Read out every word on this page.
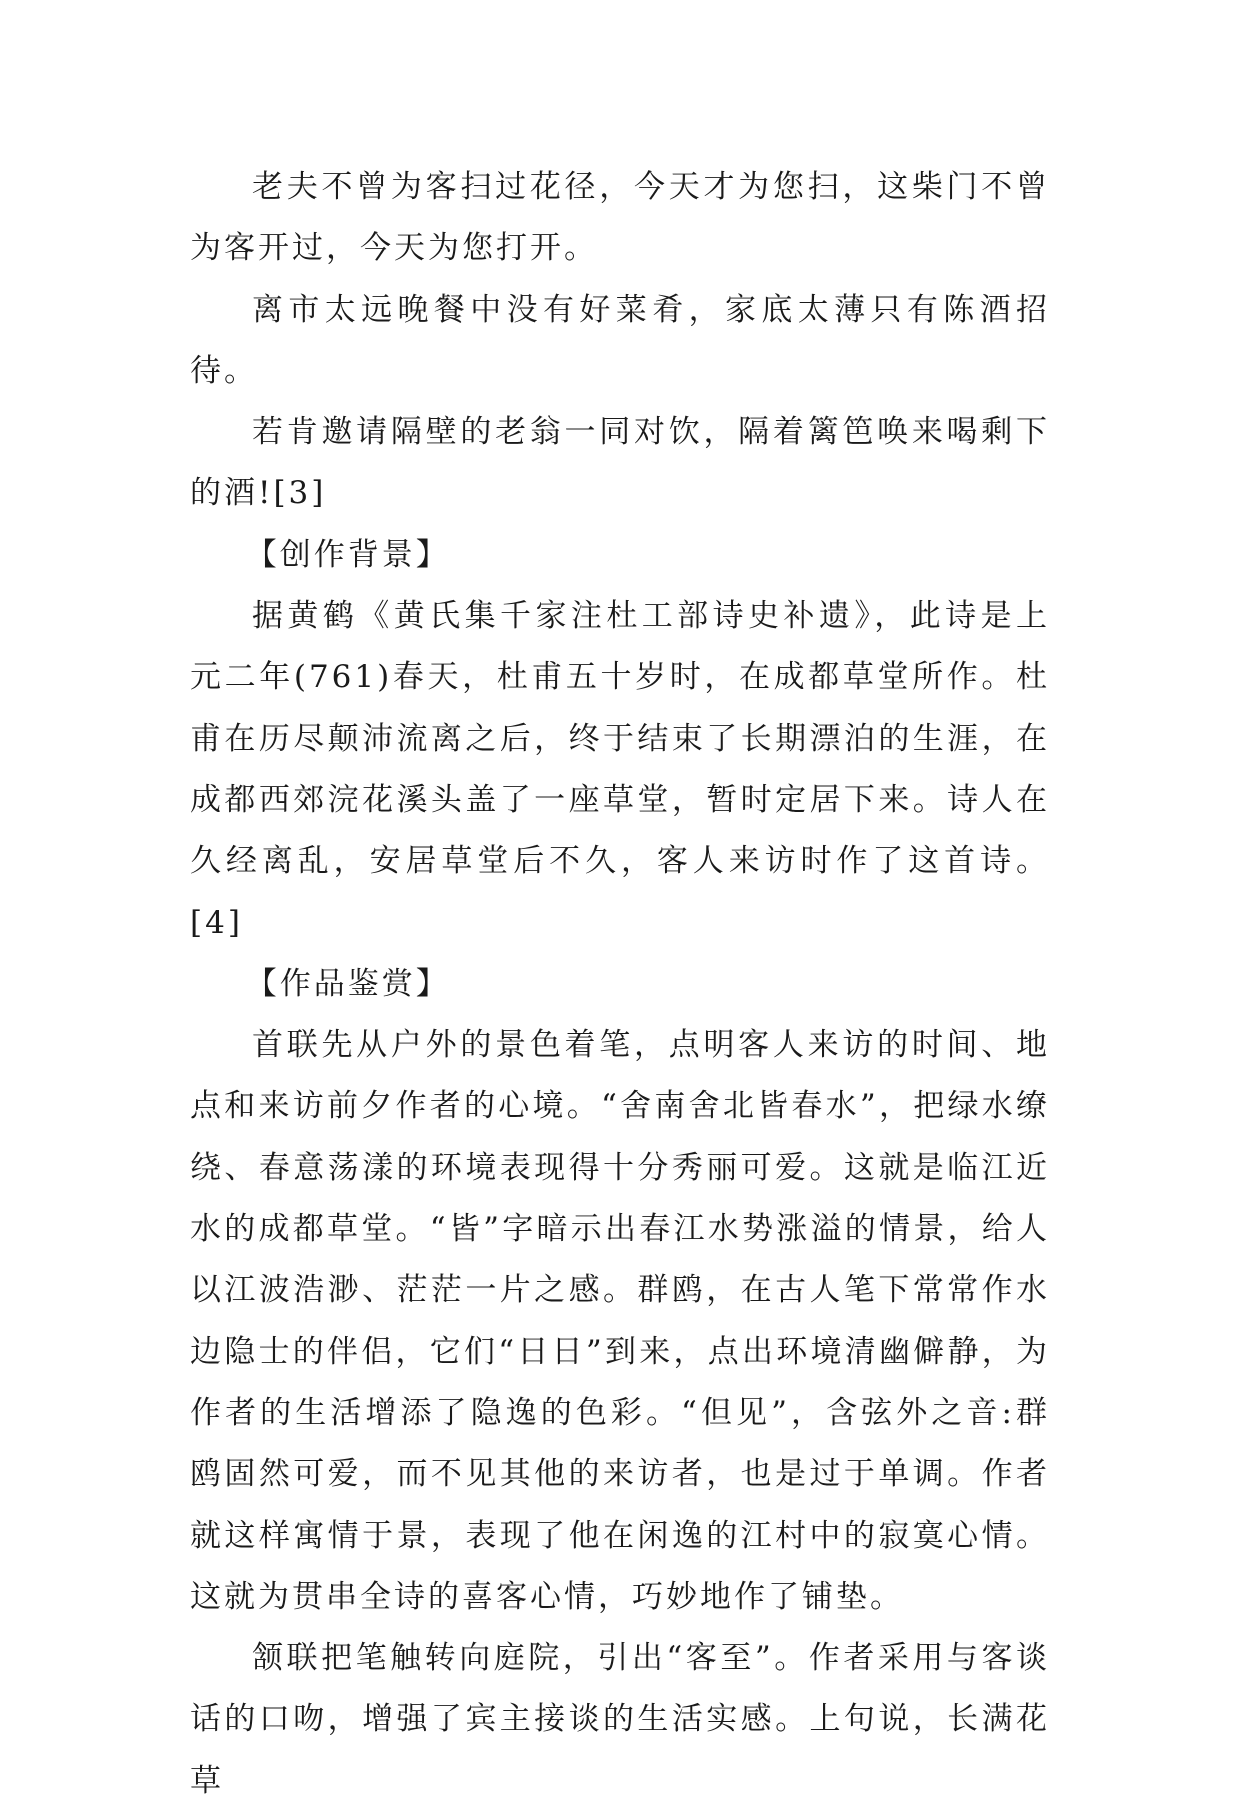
老夫不曾为客扫过花径，今天才为您扫，这柴门不曾为客开过，今天为您打开。

离市太远晚餐中没有好菜肴，家底太薄只有陈酒招待。

若肯邀请隔壁的老翁一同对饮，隔着篱笆唤来喝剩下的酒![3]

【创作背景】

据黄鹤《黄氏集千家注杜工部诗史补遗》，此诗是上元二年(761)春天，杜甫五十岁时，在成都草堂所作。杜甫在历尽颠沛流离之后，终于结束了长期漂泊的生涯，在成都西郊浣花溪头盖了一座草堂，暂时定居下来。诗人在久经离乱，安居草堂后不久，客人来访时作了这首诗。[4]

【作品鉴赏】

首联先从户外的景色着笔，点明客人来访的时间、地点和来访前夕作者的心境。“舍南舍北皆春水”，把绿水缭绕、春意荡漾的环境表现得十分秀丽可爱。这就是临江近水的成都草堂。“皆”字暗示出春江水势涨溢的情景，给人以江波浩渺、茫茫一片之感。群鸥，在古人笔下常常作水边隐士的伴侣，它们“日日”到来，点出环境清幽僻静，为作者的生活增添了隐逸的色彩。“但见”，含弦外之音:群鸥固然可爱，而不见其他的来访者，也是过于单调。作者就这样寓情于景，表现了他在闲逸的江村中的寂寞心情。这就为贯串全诗的喜客心情，巧妙地作了铺垫。

颔联把笔触转向庭院，引出“客至”。作者采用与客谈话的口吻，增强了宾主接谈的生活实感。上句说，长满花草
